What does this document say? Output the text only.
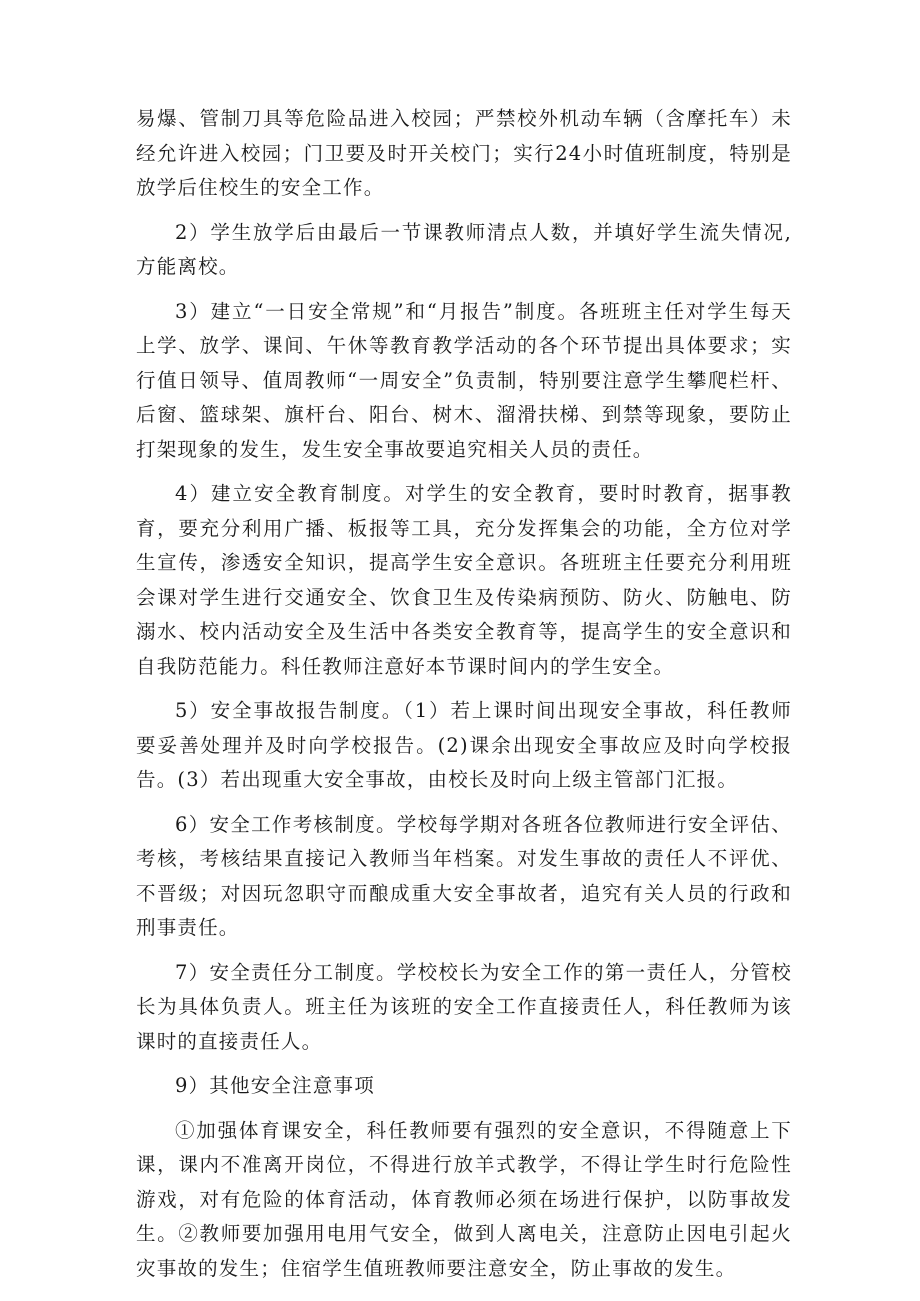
易爆、管制刀具等危险品进入校园；严禁校外机动车辆（含摩托车）未经允许进入校园；门卫要及时开关校门；实行24小时值班制度，特别是放学后住校生的安全工作。

2）学生放学后由最后一节课教师清点人数，并填好学生流失情况,方能离校。

3）建立“一日安全常规”和“月报告”制度。各班班主任对学生每天上学、放学、课间、午休等教育教学活动的各个环节提出具体要求；实行值日领导、值周教师“一周安全”负责制，特别要注意学生攀爬栏杆、后窗、篮球架、旗杆台、阳台、树木、溜滑扶梯、到禁等现象，要防止打架现象的发生，发生安全事故要追究相关人员的责任。

4）建立安全教育制度。对学生的安全教育，要时时教育，据事教育，要充分利用广播、板报等工具，充分发挥集会的功能，全方位对学生宣传，渗透安全知识，提高学生安全意识。各班班主任要充分利用班会课对学生进行交通安全、饮食卫生及传染病预防、防火、防触电、防溺水、校内活动安全及生活中各类安全教育等，提高学生的安全意识和自我防范能力。科任教师注意好本节课时间内的学生安全。

5）安全事故报告制度。（1）若上课时间出现安全事故，科任教师要妥善处理并及时向学校报告。(2)课余出现安全事故应及时向学校报告。(3）若出现重大安全事故，由校长及时向上级主管部门汇报。

6）安全工作考核制度。学校每学期对各班各位教师进行安全评估、考核，考核结果直接记入教师当年档案。对发生事故的责任人不评优、不晋级；对因玩忽职守而酿成重大安全事故者，追究有关人员的行政和刑事责任。

7）安全责任分工制度。学校校长为安全工作的第一责任人，分管校长为具体负责人。班主任为该班的安全工作直接责任人，科任教师为该课时的直接责任人。

9）其他安全注意事项

①加强体育课安全，科任教师要有强烈的安全意识，不得随意上下课，课内不准离开岗位，不得进行放羊式教学，不得让学生时行危险性游戏，对有危险的体育活动，体育教师必须在场进行保护，以防事故发生。②教师要加强用电用气安全，做到人离电关，注意防止因电引起火灾事故的发生；住宿学生值班教师要注意安全，防止事故的发生。
